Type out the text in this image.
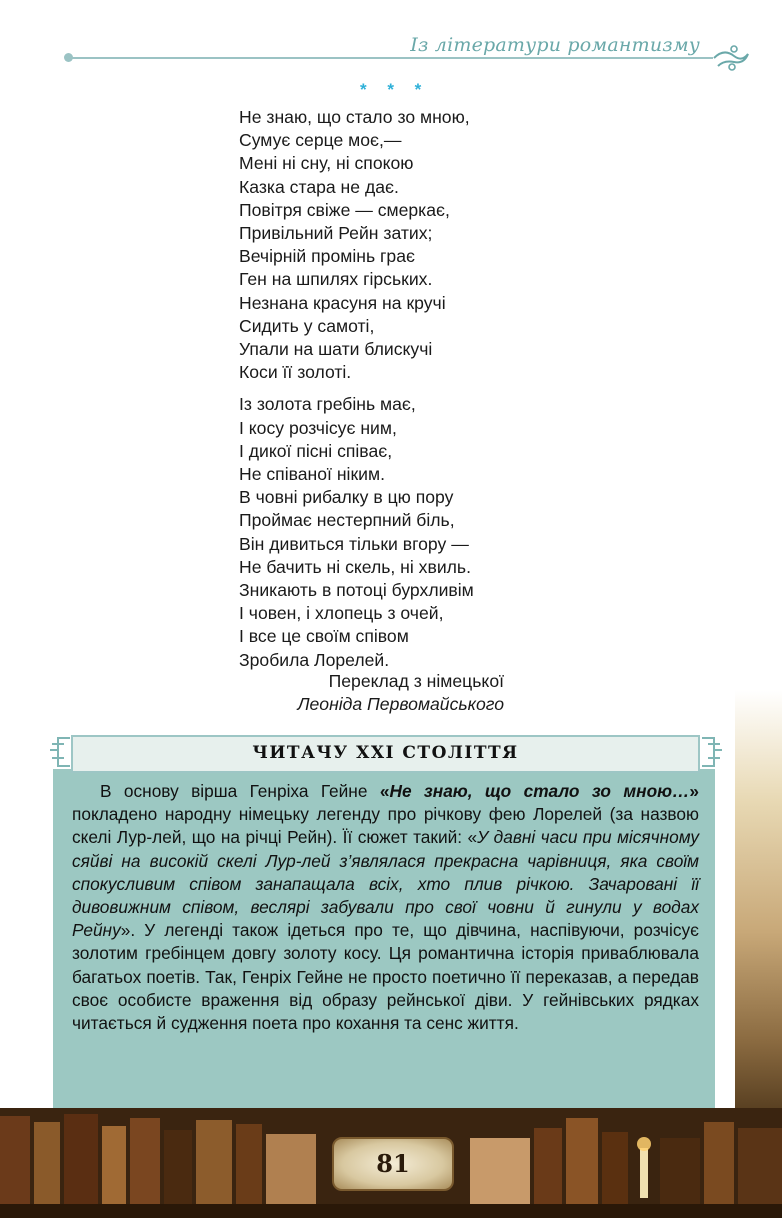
Із літератури романтизму
* * *
Не знаю, що стало зо мною,
Сумує серце моє,—
Мені ні сну, ні спокою
Казка стара не дає.
Повітря свіже — смеркає,
Привільний Рейн затих;
Вечірній промінь грає
Ген на шпилях гірських.
Незнана красуня на кручі
Сидить у самоті,
Упали на шати блискучі
Коси її золоті.
Із золота гребінь має,
І косу розчісує ним,
І дикої пісні співає,
Не співаної ніким.
В човні рибалку в цю пору
Проймає нестерпний біль,
Він дивиться тільки вгору —
Не бачить ні скель, ні хвиль.
Зникають в потоці бурхливім
І човен, і хлопець з очей,
І все це своїм співом
Зробила Лорелей.
Переклад з німецької
Леоніда Первомайського
ЧИТАЧУ XXI СТОЛІТТЯ

В основу вірша Генріха Гейне «Не знаю, що стало зо мною…» покладено народну німецьку легенду про річкову фею Лорелей (за назвою скелі Лур-лей, що на річці Рейн). Її сюжет такий: «У давні часи при місячному сяйві на високій скелі Лур-лей з’являлася прекрасна чарівниця, яка своїм спокусливим співом занапащала всіх, хто плив річкою. Зачаровані її дивовижним співом, веслярі забували про свої човни й гинули у водах Рейну». У легенді також ідеться про те, що дівчина, наспівуючи, розчісує золотим гребінцем довгу золоту косу. Ця романтична історія приваблювала багатьох поетів. Так, Генріх Гейне не просто поетично її переказав, а передав своє особисте враження від образу рейнської діви. У гейнівських рядках читається й судження поета про кохання та сенс життя.

81
